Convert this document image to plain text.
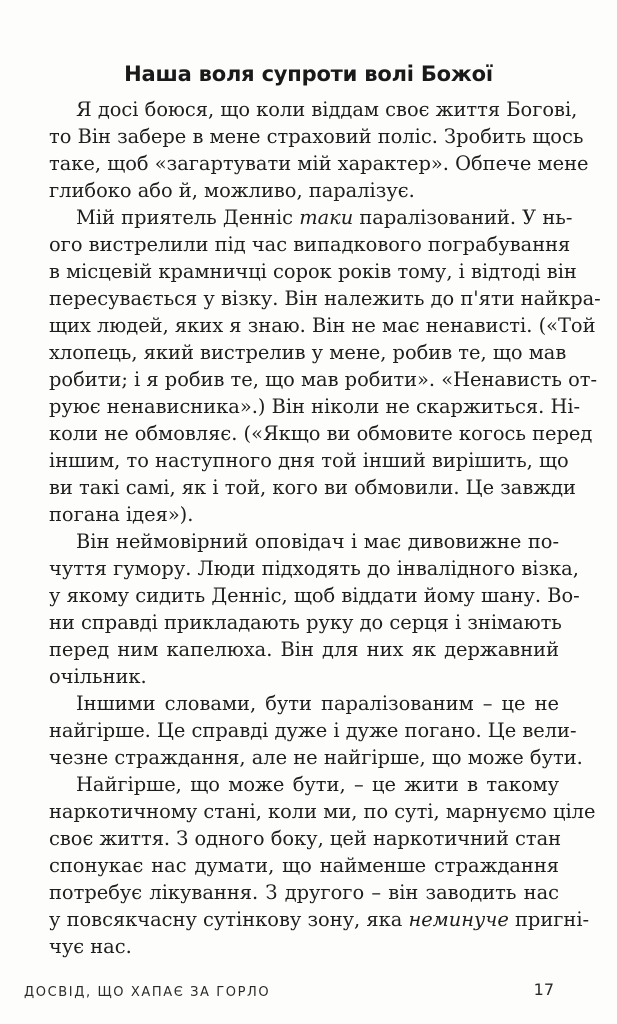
Наша воля супроти волі Божої

Я досі боюся, що коли віддам своє життя Богові,
то Він забере в мене страховий поліс. Зробить щось
таке, щоб «загартувати мій характер». Обпече мене
глибоко або й, можливо, паралізує.

Мій приятель Денніс таки паралізований. У нь-
ого вистрелили під час випадкового пограбування
в місцевій крамничці сорок років тому, і відтоді він
пересувається у візку. Він належить до п'яти найкра-
щих людей, яких я знаю. Він не має ненависті. («Той
хлопець, який вистрелив у мене, робив те, що мав
робити; і я робив те, що мав робити». «Ненависть от-
руює ненависника».) Він ніколи не скаржиться. Ні-
коли не обмовляє. («Якщо ви обмовите когось перед
іншим, то наступного дня той інший вирішить, що
ви такі самі, як і той, кого ви обмовили. Це завжди
погана ідея»).

Він неймовірний оповідач і має дивовижне по-
чуття гумору. Люди підходять до інвалідного візка,
у якому сидить Денніс, щоб віддати йому шану. Во-
ни справді прикладають руку до серця і знімають
перед ним капелюха. Він для них як державний
очільник.

Іншими словами, бути паралізованим – це не
найгірше. Це справді дуже і дуже погано. Це вели-
чезне страждання, але не найгірше, що може бути.

Найгірше, що може бути, – це жити в такому
наркотичному стані, коли ми, по суті, марнуємо ціле
своє життя. З одного боку, цей наркотичний стан
спонукає нас думати, що найменше страждання
потребує лікування. З другого – він заводить нас
у повсякчасну сутінкову зону, яка неминуче пригні-
чує нас.

ДОСВІД, ЩО ХАПАЄ ЗА ГОРЛО	17
